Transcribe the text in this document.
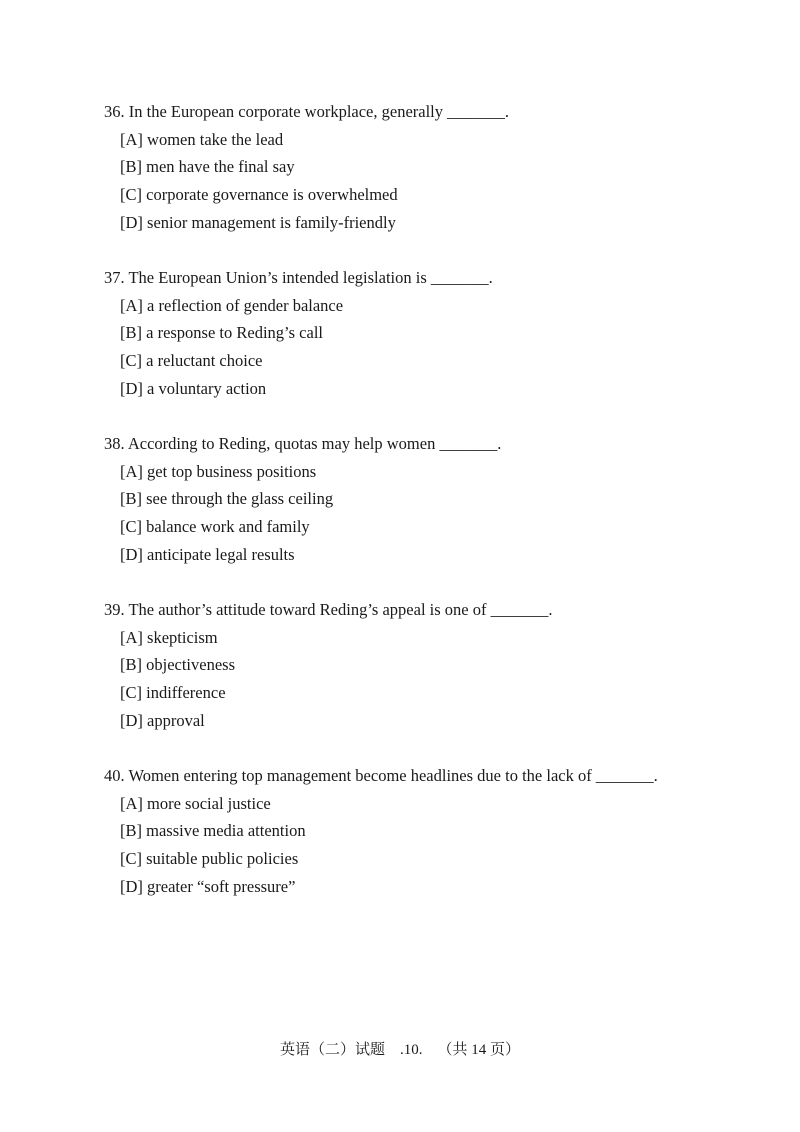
36. In the European corporate workplace, generally _______.
[A] women take the lead
[B] men have the final say
[C] corporate governance is overwhelmed
[D] senior management is family-friendly
37. The European Union’s intended legislation is _______.
[A] a reflection of gender balance
[B] a response to Reding’s call
[C] a reluctant choice
[D] a voluntary action
38. According to Reding, quotas may help women _______.
[A] get top business positions
[B] see through the glass ceiling
[C] balance work and family
[D] anticipate legal results
39. The author’s attitude toward Reding’s appeal is one of _______.
[A] skepticism
[B] objectiveness
[C] indifference
[D] approval
40. Women entering top management become headlines due to the lack of _______.
[A] more social justice
[B] massive media attention
[C] suitable public policies
[D] greater “soft pressure”
英语（二）试题 .10. （共 14 页）
